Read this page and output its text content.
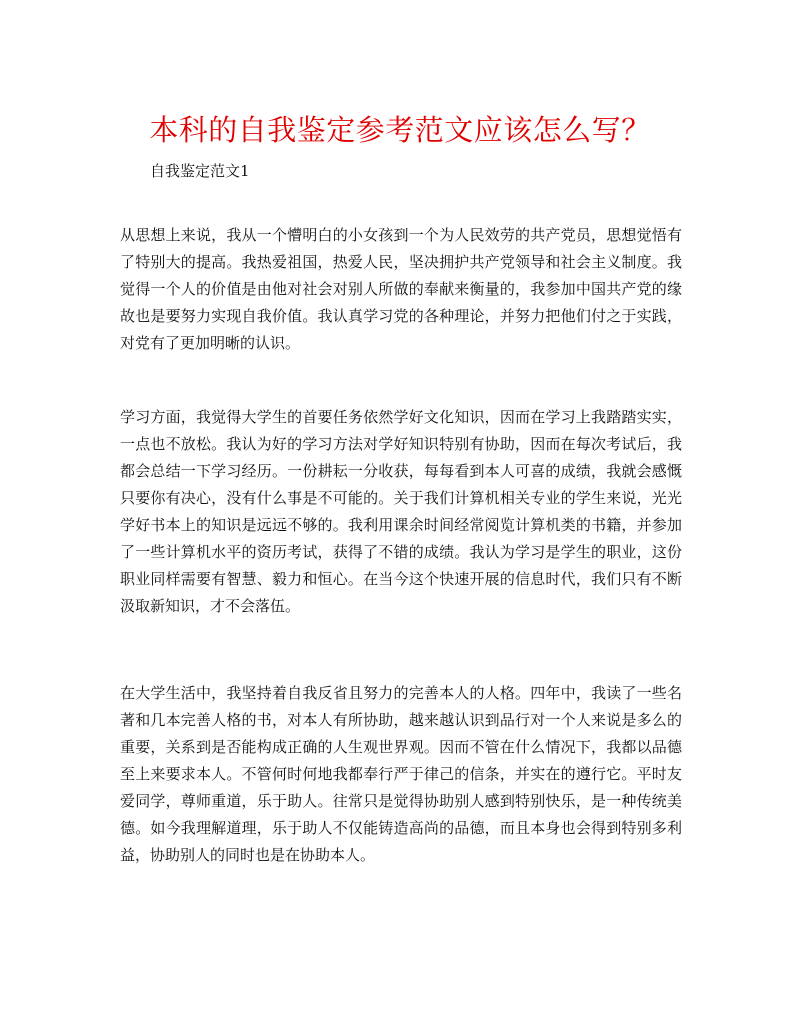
本科的自我鉴定参考范文应该怎么写？

自我鉴定范文1

从思想上来说，我从一个懵明白的小女孩到一个为人民效劳的共产党员，思想觉悟有了特别大的提高。我热爱祖国，热爱人民，坚决拥护共产党领导和社会主义制度。我觉得一个人的价值是由他对社会对别人所做的奉献来衡量的，我参加中国共产党的缘故也是要努力实现自我价值。我认真学习党的各种理论，并努力把他们付之于实践，对党有了更加明晰的认识。

学习方面，我觉得大学生的首要任务依然学好文化知识，因而在学习上我踏踏实实，一点也不放松。我认为好的学习方法对学好知识特别有协助，因而在每次考试后，我都会总结一下学习经历。一份耕耘一分收获，每每看到本人可喜的成绩，我就会感慨只要你有决心，没有什么事是不可能的。关于我们计算机相关专业的学生来说，光光学好书本上的知识是远远不够的。我利用课余时间经常阅览计算机类的书籍，并参加了一些计算机水平的资历考试，获得了不错的成绩。我认为学习是学生的职业，这份职业同样需要有智慧、毅力和恒心。在当今这个快速开展的信息时代，我们只有不断汲取新知识，才不会落伍。

在大学生活中，我坚持着自我反省且努力的完善本人的人格。四年中，我读了一些名著和几本完善人格的书，对本人有所协助，越来越认识到品行对一个人来说是多么的重要，关系到是否能构成正确的人生观世界观。因而不管在什么情况下，我都以品德至上来要求本人。不管何时何地我都奉行严于律己的信条，并实在的遵行它。平时友爱同学，尊师重道，乐于助人。往常只是觉得协助别人感到特别快乐，是一种传统美德。如今我理解道理，乐于助人不仅能铸造高尚的品德，而且本身也会得到特别多利益，协助别人的同时也是在协助本人。
